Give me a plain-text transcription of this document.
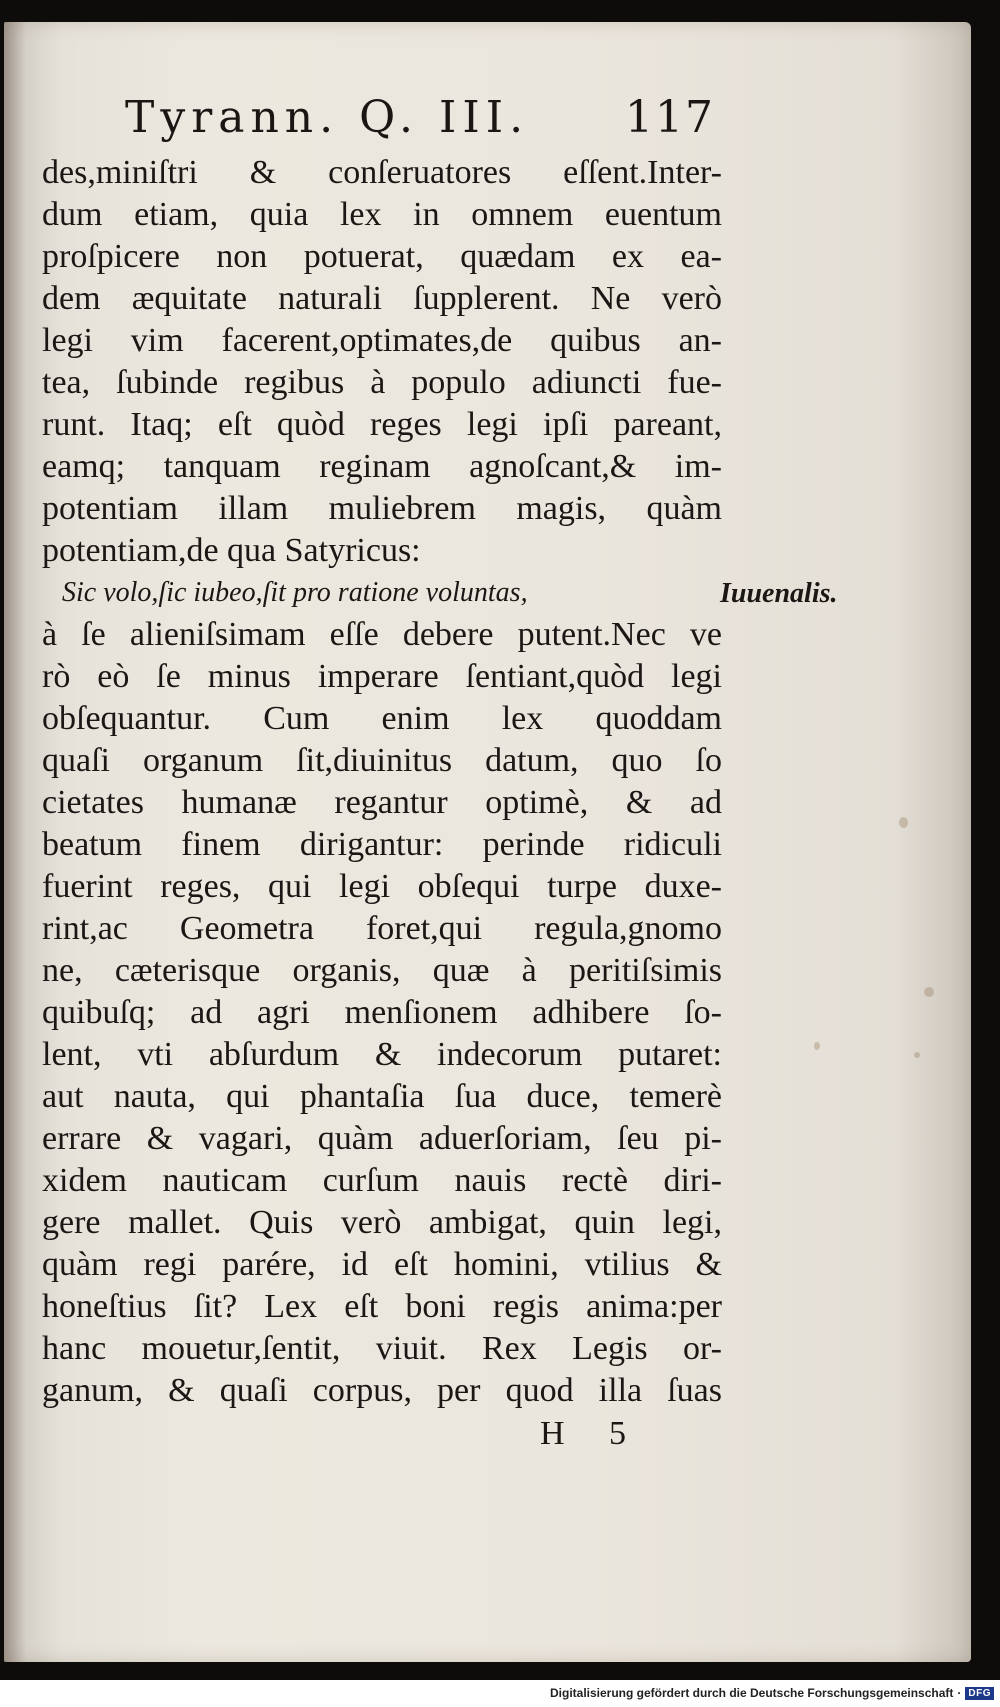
Tyrann. Q. III. 117
des,miniſtri & conſeruatores eſſent.Inter-
dum etiam, quia lex in omnem euentum
proſpicere non potuerat, quædam ex ea-
dem æquitate naturali ſupplerent. Ne verò
legi vim facerent,optimates,de quibus an-
tea, ſubinde regibus à populo adiuncti fue-
runt. Itaq; eſt quòd reges legi ipſi pareant,
eamq; tanquam reginam agnoſcant,& im-
potentiam illam muliebrem magis, quàm
potentiam,de qua Satyricus:
Sic volo,ſic iubeo,ſit pro ratione voluntas,
à ſe alieniſsimam eſſe debere putent.Nec ve
rò eò ſe minus imperare ſentiant,quòd legi
obſequantur. Cum enim lex quoddam
quaſi organum ſit,diuinitus datum, quo ſo
cietates humanæ regantur optimè, & ad
beatum finem dirigantur: perinde ridiculi
fuerint reges, qui legi obſequi turpe duxe-
rint,ac Geometra foret,qui regula,gnomo
ne, cæterisque organis, quæ à peritiſsimis
quibuſq; ad agri menſionem adhibere ſo-
lent, vti abſurdum & indecorum putaret:
aut nauta, qui phantaſia ſua duce, temerè
errare & vagari, quàm aduerſoriam, ſeu pi-
xidem nauticam curſum nauis rectè diri-
gere mallet. Quis verò ambigat, quin legi,
quàm regi parére, id eſt homini, vtilius &
honeſtius ſit? Lex eſt boni regis anima:per
hanc mouetur,ſentit, viuit. Rex Legis or-
ganum, & quaſi corpus, per quod illa ſuas
Iuuenalis.
H 5
Digitalisierung gefördert durch die Deutsche Forschungsgemeinschaft · DFG
